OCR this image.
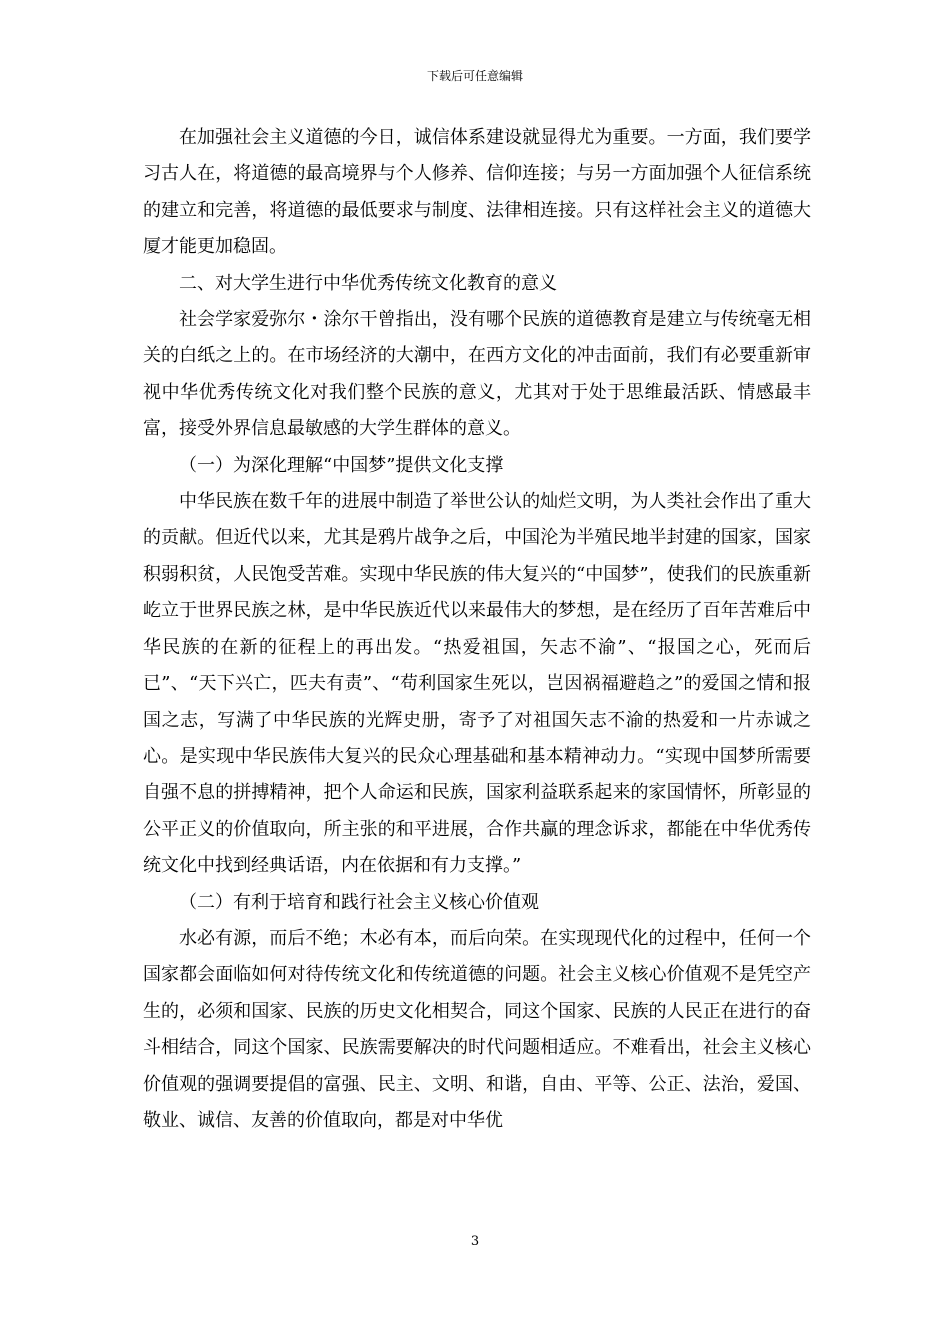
下载后可任意编辑

在加强社会主义道德的今日，诚信体系建设就显得尤为重要。一方面，我们要学习古人在，将道德的最高境界与个人修养、信仰连接；与另一方面加强个人征信系统的建立和完善，将道德的最低要求与制度、法律相连接。只有这样社会主义的道德大厦才能更加稳固。

二、对大学生进行中华优秀传统文化教育的意义

社会学家爱弥尔・涂尔干曾指出，没有哪个民族的道德教育是建立与传统毫无相关的白纸之上的。在市场经济的大潮中，在西方文化的冲击面前，我们有必要重新审视中华优秀传统文化对我们整个民族的意义，尤其对于处于思维最活跃、情感最丰富，接受外界信息最敏感的大学生群体的意义。

（一）为深化理解“中国梦”提供文化支撑

中华民族在数千年的进展中制造了举世公认的灿烂文明，为人类社会作出了重大的贡献。但近代以来，尤其是鸦片战争之后，中国沦为半殖民地半封建的国家，国家积弱积贫，人民饱受苦难。实现中华民族的伟大复兴的“中国梦”，使我们的民族重新屹立于世界民族之林，是中华民族近代以来最伟大的梦想，是在经历了百年苦难后中华民族的在新的征程上的再出发。“热爱祖国，矢志不渝”、“报国之心，死而后已”、“天下兴亡，匹夫有责”、“苟利国家生死以，岂因祸福避趋之”的爱国之情和报国之志，写满了中华民族的光辉史册，寄予了对祖国矢志不渝的热爱和一片赤诚之心。是实现中华民族伟大复兴的民众心理基础和基本精神动力。“实现中国梦所需要自强不息的拼搏精神，把个人命运和民族，国家利益联系起来的家国情怀，所彰显的公平正义的价值取向，所主张的和平进展，合作共赢的理念诉求，都能在中华优秀传统文化中找到经典话语，内在依据和有力支撑。”

（二）有利于培育和践行社会主义核心价值观

水必有源，而后不绝；木必有本，而后向荣。在实现现代化的过程中，任何一个国家都会面临如何对待传统文化和传统道德的问题。社会主义核心价值观不是凭空产生的，必须和国家、民族的历史文化相契合，同这个国家、民族的人民正在进行的奋斗相结合，同这个国家、民族需要解决的时代问题相适应。不难看出，社会主义核心价值观的强调要提倡的富强、民主、文明、和谐，自由、平等、公正、法治，爱国、敬业、诚信、友善的价值取向，都是对中华优

3
